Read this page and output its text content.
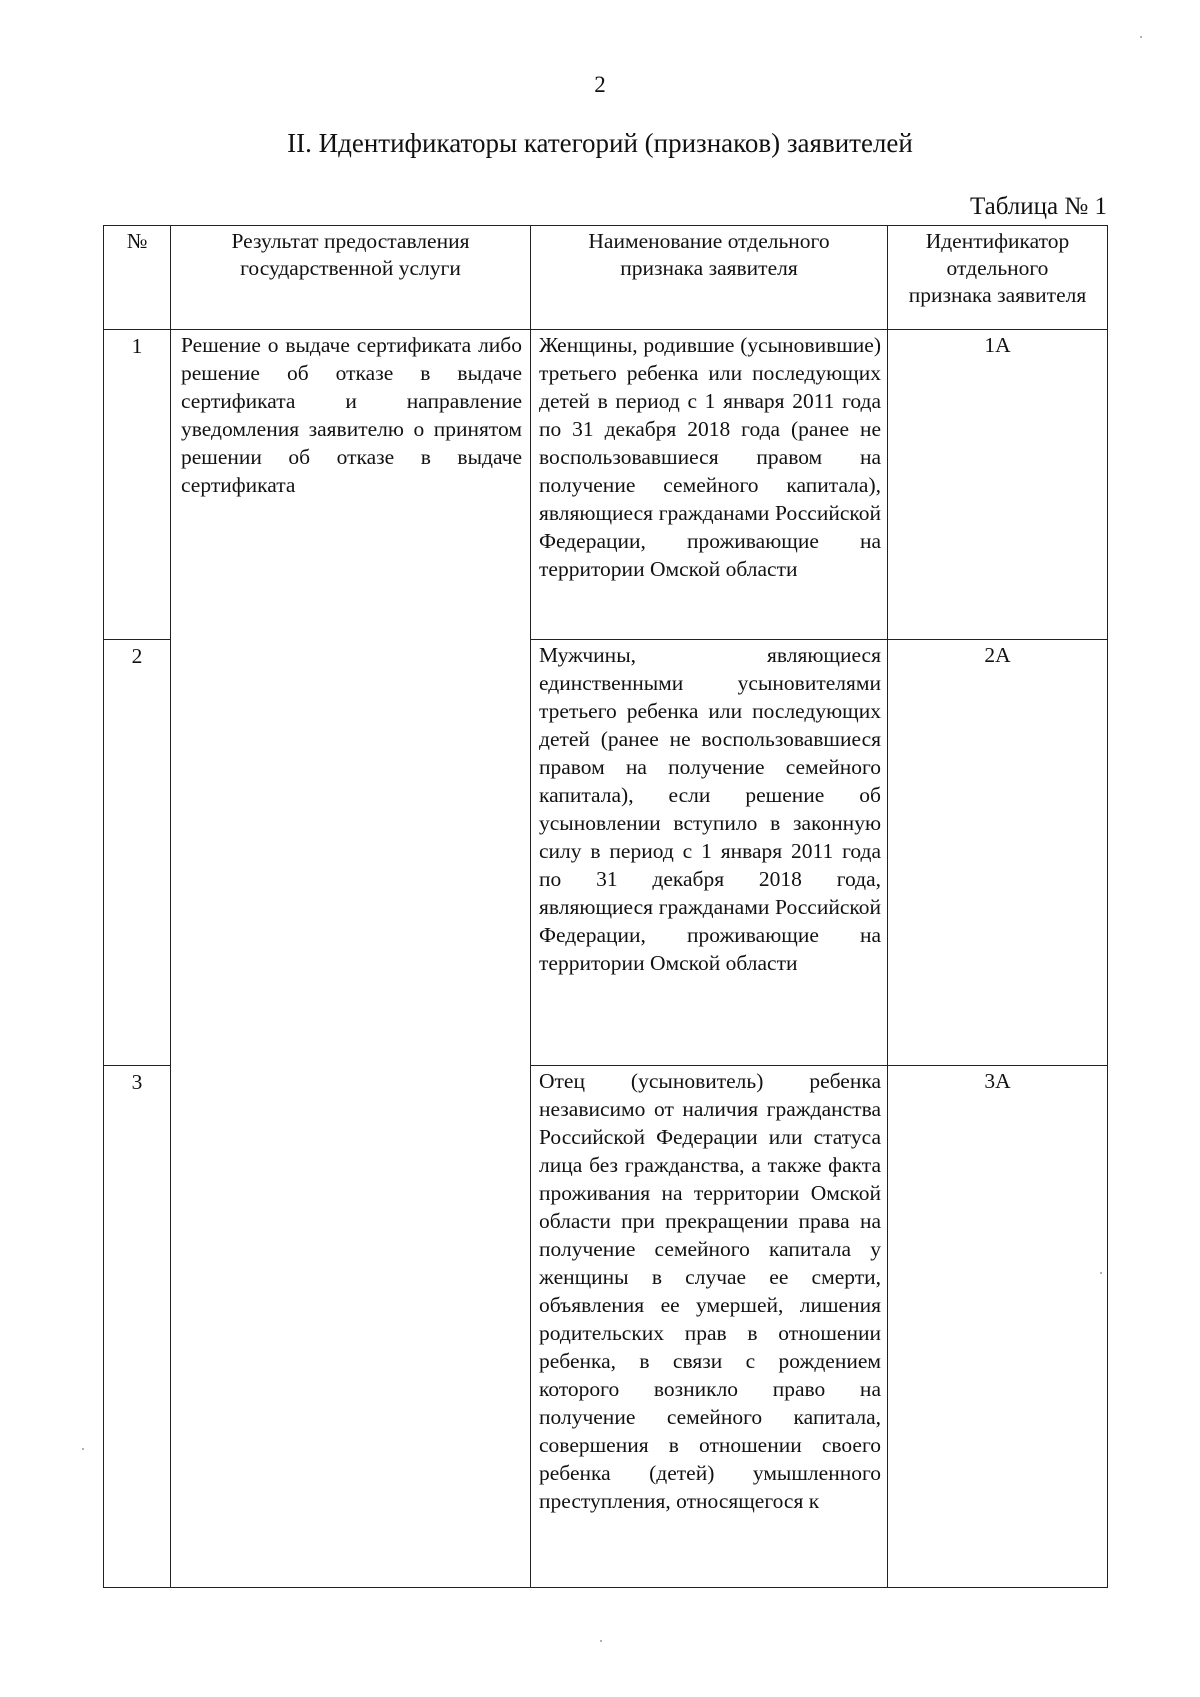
2
II. Идентификаторы категорий (признаков) заявителей
Таблица № 1
№	Результат предоставления государственной услуги	Наименование отдельного признака заявителя	Идентификатор отдельного признака заявителя
1	Решение о выдаче сертификата либо решение об отказе в выдаче сертификата и направление уведомления заявителю о принятом решении об отказе в выдаче сертификата	Женщины, родившие (усыновившие) третьего ребенка или последующих детей в период с 1 января 2011 года по 31 декабря 2018 года (ранее не воспользовавшиеся правом на получение семейного капитала), являющиеся гражданами Российской Федерации, проживающие на территории Омской области	1А
2		Мужчины, являющиеся единственными усыновителями третьего ребенка или последующих детей (ранее не воспользовавшиеся правом на получение семейного капитала), если решение об усыновлении вступило в законную силу в период с 1 января 2011 года по 31 декабря 2018 года, являющиеся гражданами Российской Федерации, проживающие на территории Омской области	2А
3		Отец (усыновитель) ребенка независимо от наличия гражданства Российской Федерации или статуса лица без гражданства, а также факта проживания на территории Омской области при прекращении права на получение семейного капитала у женщины в случае ее смерти, объявления ее умершей, лишения родительских прав в отношении ребенка, в связи с рождением которого возникло право на получение семейного капитала, совершения в отношении своего ребенка (детей) умышленного преступления, относящегося к	3А
